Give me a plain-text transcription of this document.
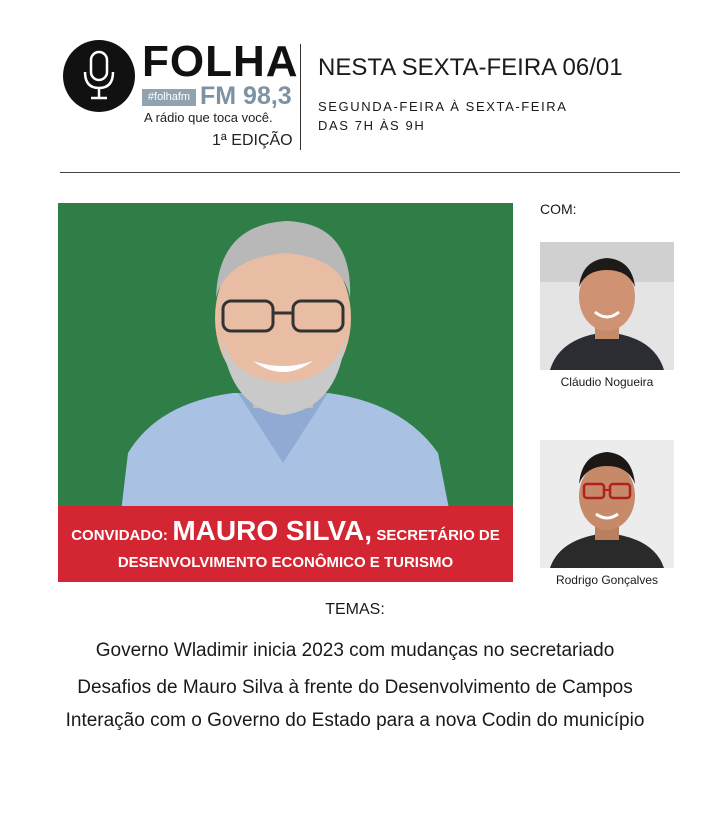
FOLHA
#folhafm FM 98,3
A rádio que toca você.
1ª EDIÇÃO
NESTA SEXTA-FEIRA 06/01
SEGUNDA-FEIRA À SEXTA-FEIRA
DAS 7H ÀS 9H
CONVIDADO: MAURO SILVA, SECRETÁRIO DE
DESENVOLVIMENTO ECONÔMICO E TURISMO
COM:
Cláudio Nogueira
Rodrigo Gonçalves
TEMAS:
Governo Wladimir inicia 2023 com mudanças no secretariado
Desafios de Mauro Silva à frente do Desenvolvimento de Campos
Interação com o Governo do Estado para a nova Codin do município
